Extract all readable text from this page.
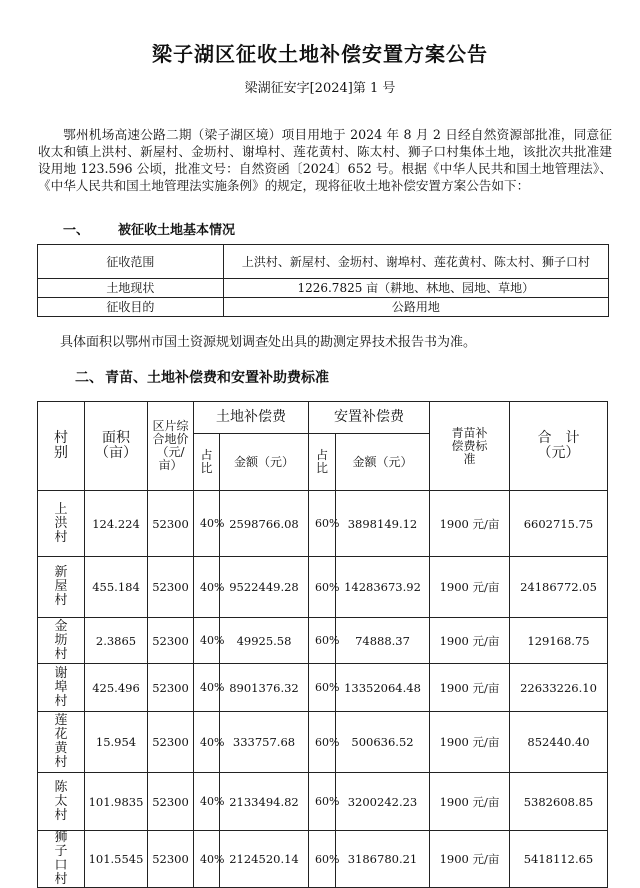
梁子湖区征收土地补偿安置方案公告
梁湖征安字[2024]第 1 号
鄂州机场高速公路二期（梁子湖区境）项目用地于 2024 年 8 月 2 日经自然资源部批准，同意征收太和镇上洪村、新屋村、金坜村、谢埠村、莲花黄村、陈太村、狮子口村集体土地，该批次共批准建设用地 123.596 公顷，批准文号：自然资函〔2024〕652 号。根据《中华人民共和国土地管理法》、《中华人民共和国土地管理法实施条例》的规定，现将征收土地补偿安置方案公告如下：
一、 被征收土地基本情况
征收范围	上洪村、新屋村、金坜村、谢埠村、莲花黄村、陈太村、狮子口村
土地现状	1226.7825 亩（耕地、林地、园地、草地）
征收目的	公路用地
具体面积以鄂州市国土资源规划调查处出具的勘测定界技术报告书为准。
二、 青苗、土地补偿费和安置补助费标准
村别	面积（亩）	区片综合地价（元/亩）	土地补偿费		安置补偿费		青苗补偿费标准	合　计（元）
			占比	金额（元）	占比	金额（元）		
上洪村	124.224	52300	40%	2598766.08	60%	3898149.12	1900 元/亩	6602715.75
新屋村	455.184	52300	40%	9522449.28	60%	14283673.92	1900 元/亩	24186772.05
金坜村	2.3865	52300	40%	49925.58	60%	74888.37	1900 元/亩	129168.75
谢埠村	425.496	52300	40%	8901376.32	60%	13352064.48	1900 元/亩	22633226.10
莲花黄村	15.954	52300	40%	333757.68	60%	500636.52	1900 元/亩	852440.40
陈太村	101.9835	52300	40%	2133494.82	60%	3200242.23	1900 元/亩	5382608.85
狮子口村	101.5545	52300	40%	2124520.14	60%	3186780.21	1900 元/亩	5418112.65
